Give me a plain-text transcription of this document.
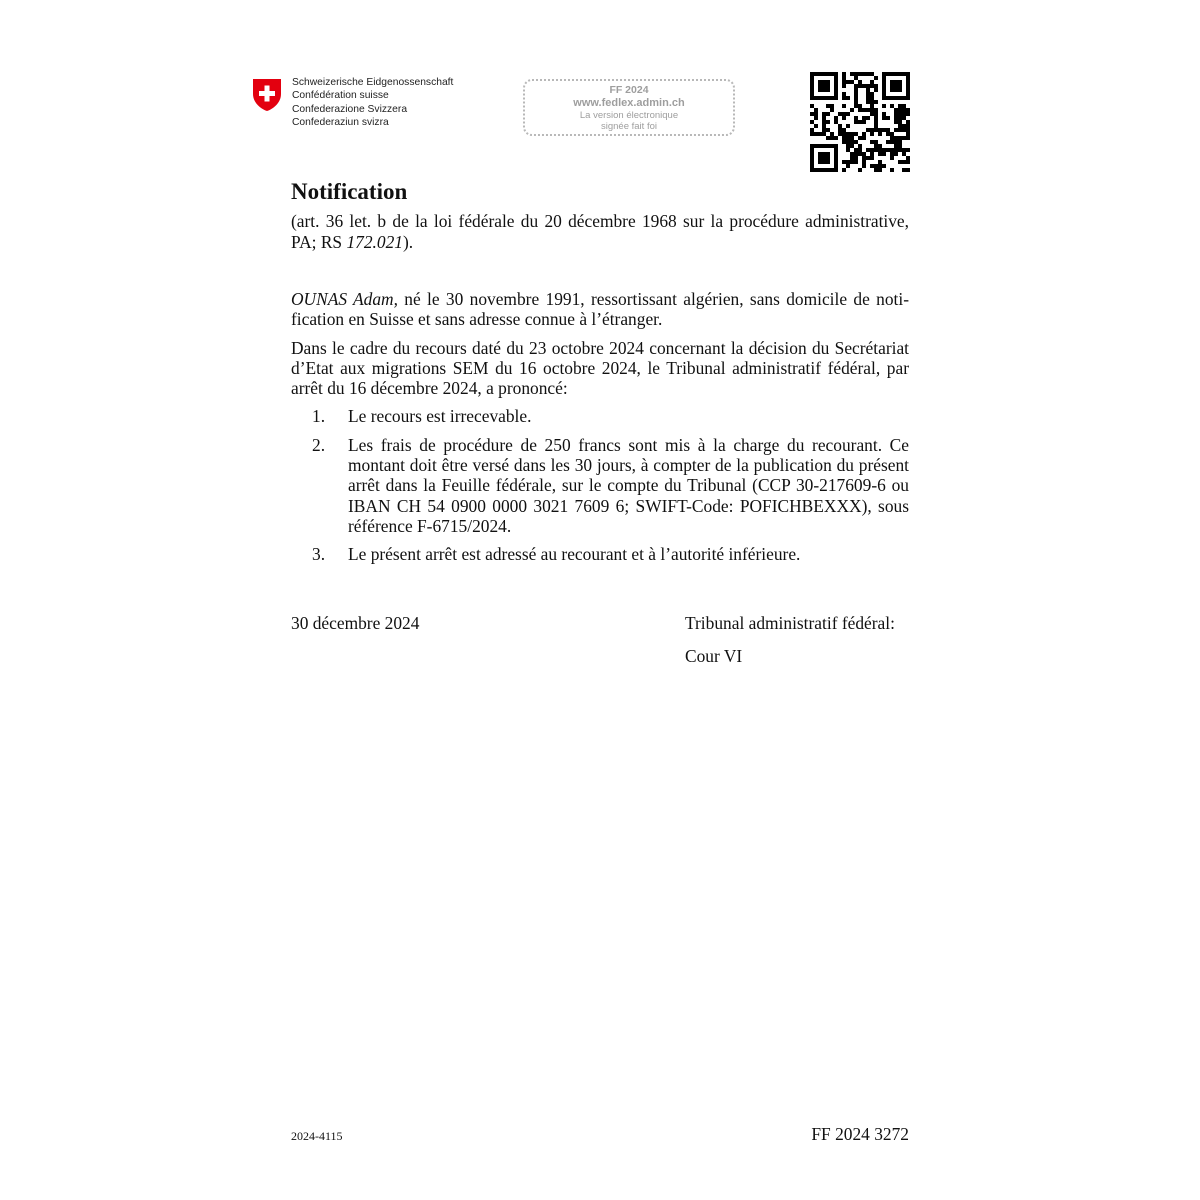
Schweizerische Eidgenossenschaft
Confédération suisse
Confederazione Svizzera
Confederaziun svizra
FF 2024
www.fedlex.admin.ch
La version électronique
signée fait foi
Notification

(art. 36 let. b de la loi fédérale du 20 décembre 1968 sur la procédure administrative, PA; RS 172.021).

OUNAS Adam, né le 30 novembre 1991, ressortissant algérien, sans domicile de notification en Suisse et sans adresse connue à l’étranger.

Dans le cadre du recours daté du 23 octobre 2024 concernant la décision du Secrétariat d’Etat aux migrations SEM du 16 octobre 2024, le Tribunal administratif fédéral, par arrêt du 16 décembre 2024, a prononcé:

1. Le recours est irrecevable.
2. Les frais de procédure de 250 francs sont mis à la charge du recourant. Ce montant doit être versé dans les 30 jours, à compter de la publication du présent arrêt dans la Feuille fédérale, sur le compte du Tribunal (CCP 30-217609-6 ou IBAN CH 54 0900 0000 3021 7609 6; SWIFT-Code: POFICHBEXXX), sous référence F-6715/2024.
3. Le présent arrêt est adressé au recourant et à l’autorité inférieure.
30 décembre 2024	Tribunal administratif fédéral:
Cour VI
2024-4115	FF 2024 3272
